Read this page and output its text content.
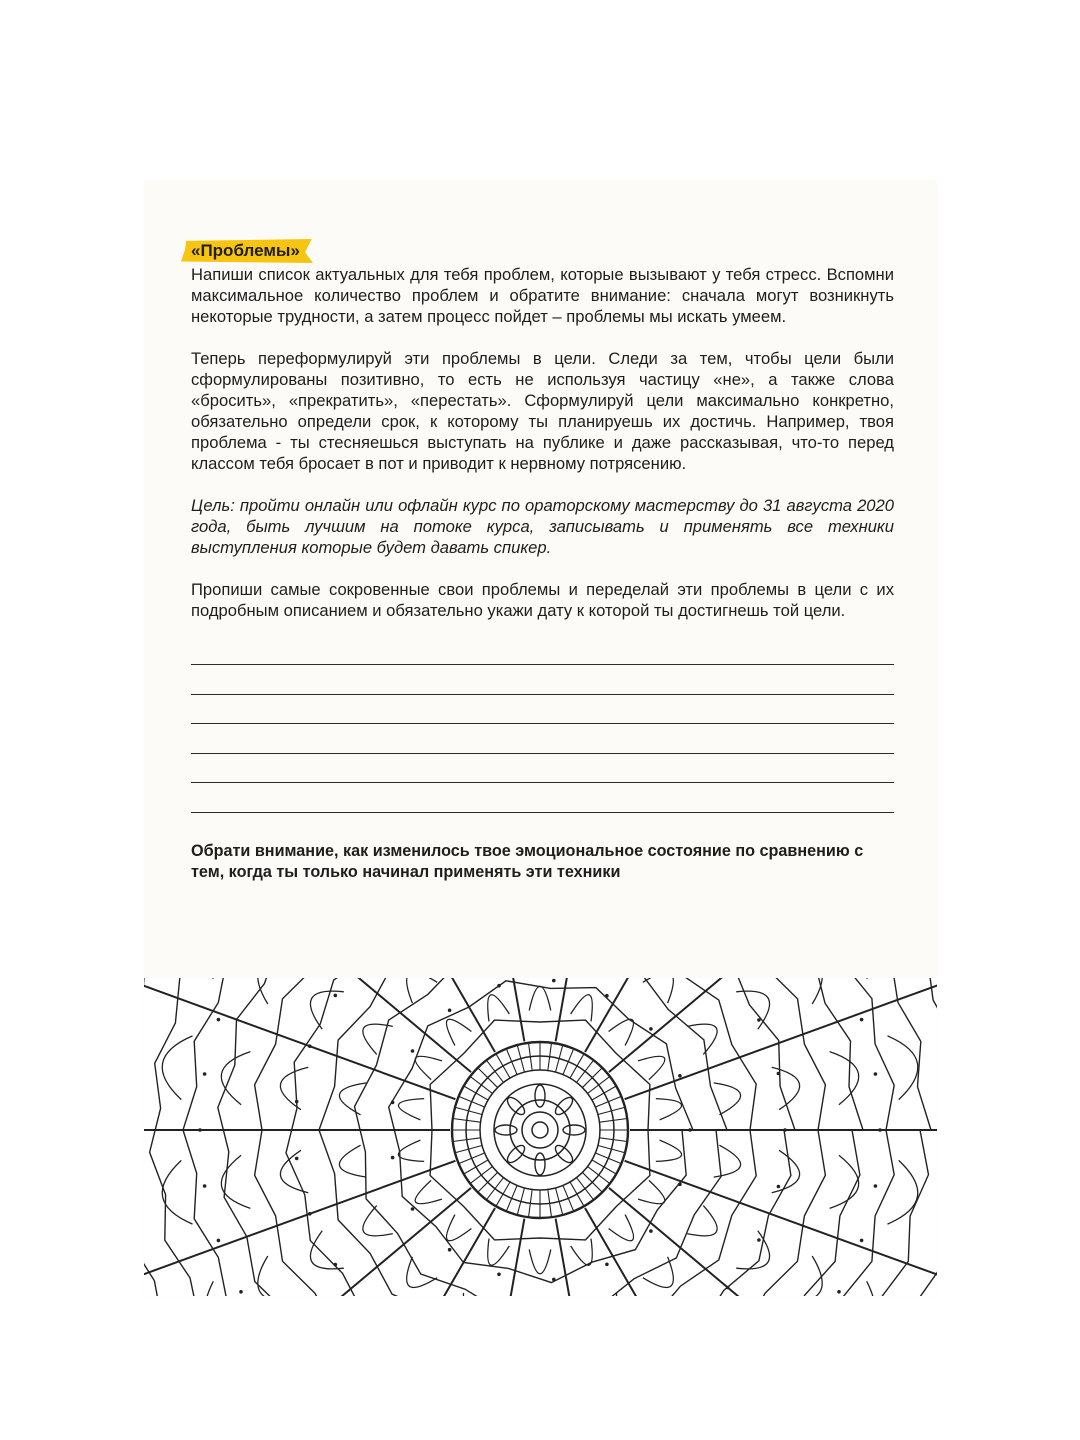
«Проблемы»

Напиши список актуальных для тебя проблем, которые вызывают у тебя стресс. Вспомни максимальное количество проблем и обратите внимание: сначала могут возникнуть некоторые трудности, а затем процесс пойдет – проблемы мы искать умеем.

Теперь переформулируй эти проблемы в цели. Следи за тем, чтобы цели были сформулированы позитивно, то есть не используя частицу «не», а также слова «бросить», «прекратить», «перестать». Сформулируй цели максимально конкретно, обязательно определи срок, к которому ты планируешь их достичь. Например, твоя проблема - ты стесняешься выступать на публике и даже рассказывая, что-то перед классом тебя бросает в пот и приводит к нервному потрясению.

Цель: пройти онлайн или офлайн курс по ораторскому мастерству до 31 августа 2020 года, быть лучшим на потоке курса, записывать и применять все техники выступления которые будет давать спикер.

Пропиши самые сокровенные свои проблемы и переделай эти проблемы в цели с их подробным описанием и обязательно укажи дату к которой ты достигнешь той цели.

Обрати внимание, как изменилось твое эмоциональное состояние по сравнению с тем, когда ты только начинал применять эти техники
